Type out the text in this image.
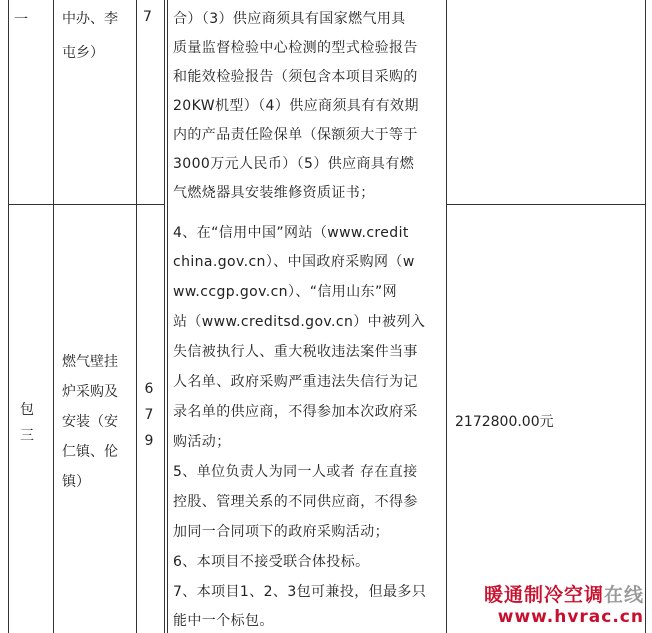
一 中办、李
屯乡）
7
包
三
燃气壁挂
炉采购及
安装（安
仁镇、伦
镇）
6
7
9
2172800.00元
合）（3）供应商须具有国家燃气用具
质量监督检验中心检测的型式检验报告
和能效检验报告（须包含本项目采购的
20KW机型）（4）供应商须具有有效期
内的产品责任险保单（保额须大于等于
3000万元人民币）（5）供应商具有燃
气燃烧器具安装维修资质证书；
4、在“信用中国”网站（www.credit
china.gov.cn）、中国政府采购网（w
ww.ccgp.gov.cn）、“信用山东”网
站（www.creditsd.gov.cn）中被列入
失信被执行人、重大税收违法案件当事
人名单、政府采购严重违法失信行为记
录名单的供应商，不得参加本次政府采
购活动；
5、单位负责人为同一人或者 存在直接
控股、管理关系的不同供应商，不得参
加同一合同项下的政府采购活动；
6、本项目不接受联合体投标。
7、本项目1、2、3包可兼投，但最多只
能中一个标包。
暖通制冷空调在线
www.hvrac.cn
